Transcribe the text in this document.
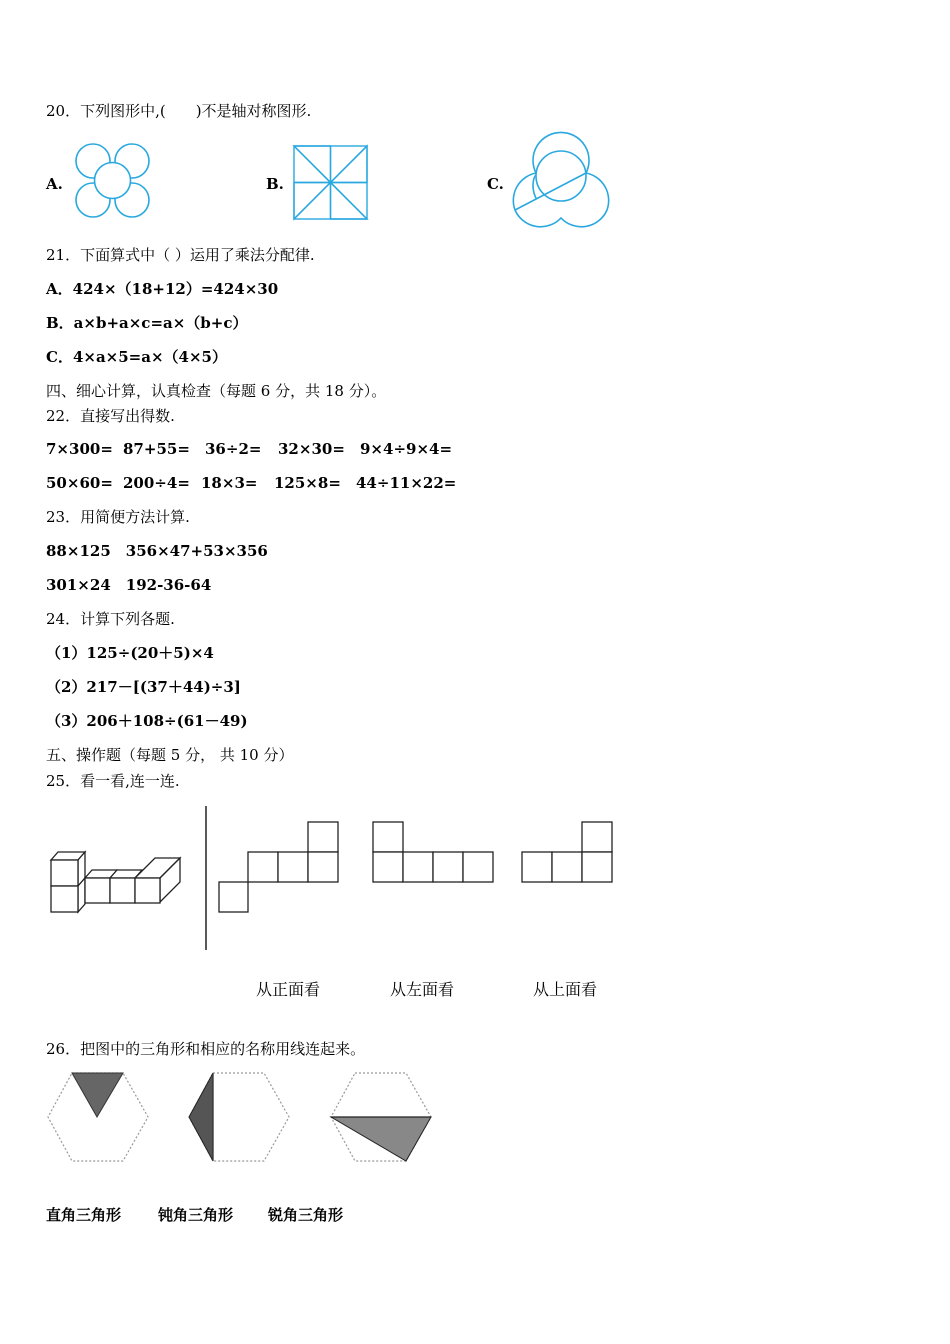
20．下列图形中,(　　)不是轴对称图形.
A.	B.	C.
21．下面算式中（ ）运用了乘法分配律.
A．424×（18+12）=424×30
B．a×b+a×c=a×（b+c）
C．4×a×5=a×（4×5）
四、细心计算，认真检查（每题 6 分，共 18 分）。
22．直接写出得数.
7×300= 87+55= 36÷2= 32×30= 9×4÷9×4=
50×60= 200÷4= 18×3= 125×8= 44÷11×22=
23．用简便方法计算.
88×125　356×47+53×356
301×24　192-36-64
24．计算下列各题.
（1）125÷(20＋5)×4
（2）217－[(37＋44)÷3]
（3）206＋108÷(61－49)
五、操作题（每题 5 分， 共 10 分）
25．看一看,连一连.
从正面看	从左面看	从上面看
26．把图中的三角形和相应的名称用线连起来。
直角三角形 钝角三角形 锐角三角形
